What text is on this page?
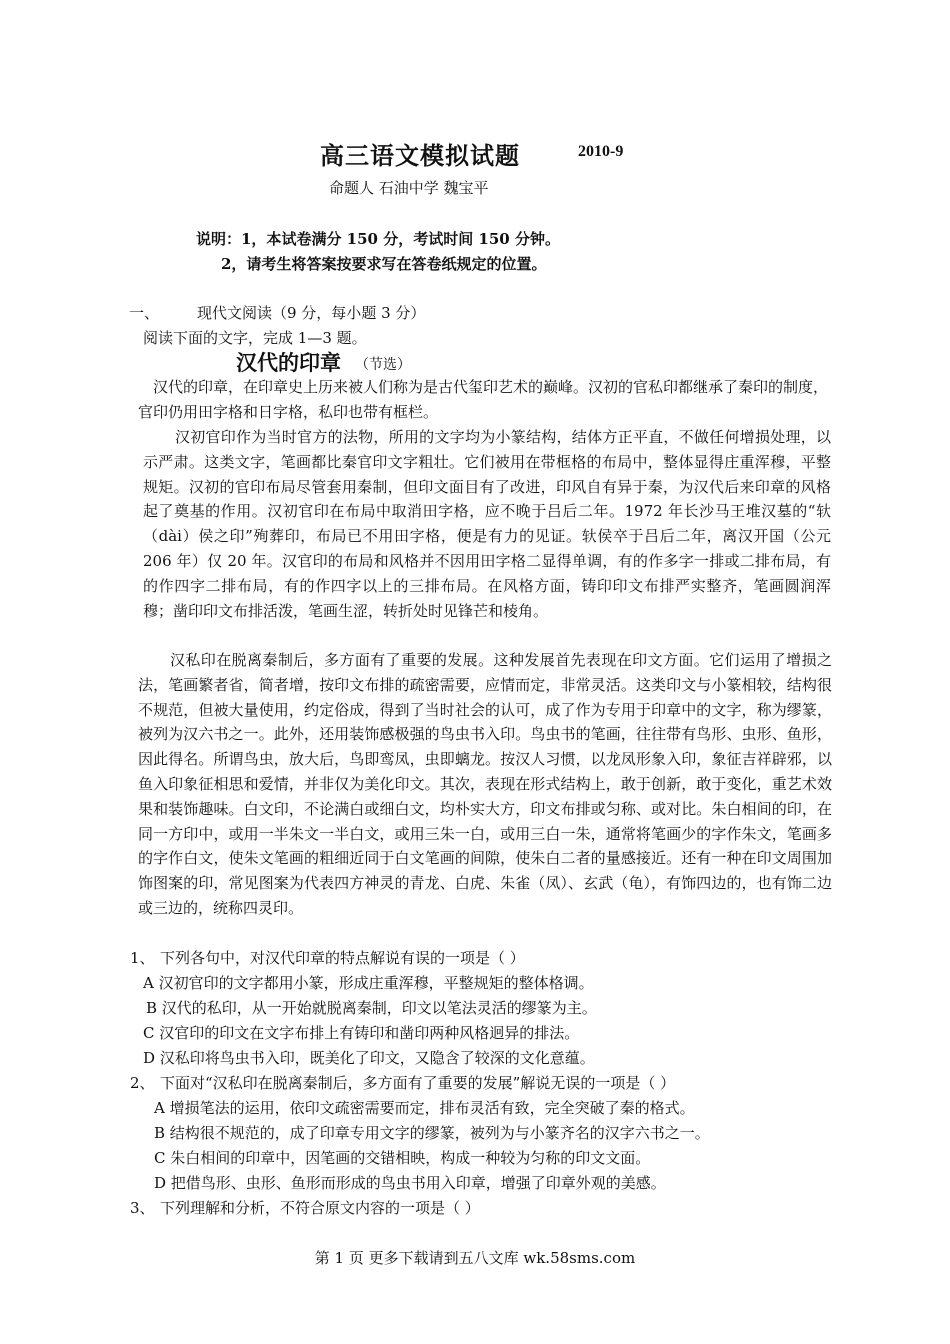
高三语文模拟试题	2010-9
命题人 石油中学 魏宝平
说明：1，本试卷满分 150 分，考试时间 150 分钟。
2，请考生将答案按要求写在答卷纸规定的位置。
一、	现代文阅读（9 分，每小题 3 分）
阅读下面的文字，完成 1—3 题。
汉代的印章 （节选）
汉代的印章，在印章史上历来被人们称为是古代玺印艺术的巅峰。汉初的官私印都继承了秦印的制度，官印仍用田字格和日字格，私印也带有框栏。
汉初官印作为当时官方的法物，所用的文字均为小篆结构，结体方正平直，不做任何增损处理，以示严肃。这类文字，笔画都比秦官印文字粗壮。它们被用在带框格的布局中，整体显得庄重浑穆，平整规矩。汉初的官印布局尽管套用秦制，但印文面目有了改进，印风自有异于秦，为汉代后来印章的风格起了奠基的作用。汉初官印在布局中取消田字格，应不晚于吕后二年。1972 年长沙马王堆汉墓的“轪（dài）侯之印”殉葬印，布局已不用田字格，便是有力的见证。轪侯卒于吕后二年，离汉开国（公元 206 年）仅 20 年。汉官印的布局和风格并不因用田字格二显得单调，有的作多字一排或二排布局，有的作四字二排布局，有的作四字以上的三排布局。在风格方面，铸印印文布排严实整齐，笔画圆润浑穆；凿印印文布排活泼，笔画生涩，转折处时见锋芒和棱角。
汉私印在脱离秦制后，多方面有了重要的发展。这种发展首先表现在印文方面。它们运用了增损之法，笔画繁者省，简者增，按印文布排的疏密需要，应情而定，非常灵活。这类印文与小篆相较，结构很不规范，但被大量使用，约定俗成，得到了当时社会的认可，成了作为专用于印章中的文字，称为缪篆，被列为汉六书之一。此外，还用装饰感极强的鸟虫书入印。鸟虫书的笔画，往往带有鸟形、虫形、鱼形，因此得名。所谓鸟虫，放大后，鸟即鸾凤，虫即螭龙。按汉人习惯，以龙凤形象入印，象征吉祥辟邪，以鱼入印象征相思和爱情，并非仅为美化印文。其次，表现在形式结构上，敢于创新，敢于变化，重艺术效果和装饰趣味。白文印，不论满白或细白文，均朴实大方，印文布排或匀称、或对比。朱白相间的印，在同一方印中，或用一半朱文一半白文，或用三朱一白，或用三白一朱，通常将笔画少的字作朱文，笔画多的字作白文，使朱文笔画的粗细近同于白文笔画的间隙，使朱白二者的量感接近。还有一种在印文周围加饰图案的印，常见图案为代表四方神灵的青龙、白虎、朱雀（凤）、玄武（龟），有饰四边的，也有饰二边或三边的，统称四灵印。
1、 下列各句中，对汉代印章的特点解说有误的一项是（ ）
A 汉初官印的文字都用小篆，形成庄重浑穆，平整规矩的整体格调。
B 汉代的私印，从一开始就脱离秦制，印文以笔法灵活的缪篆为主。
C 汉官印的印文在文字布排上有铸印和凿印两种风格迥异的排法。
D 汉私印将鸟虫书入印，既美化了印文，又隐含了较深的文化意蕴。
2、 下面对“汉私印在脱离秦制后，多方面有了重要的发展”解说无误的一项是（ ）
A 增损笔法的运用，依印文疏密需要而定，排布灵活有致，完全突破了秦的格式。
B 结构很不规范的，成了印章专用文字的缪篆，被列为与小篆齐名的汉字六书之一。
C 朱白相间的印章中，因笔画的交错相映，构成一种较为匀称的印文文面。
D 把借鸟形、虫形、鱼形而形成的鸟虫书用入印章，增强了印章外观的美感。
3、 下列理解和分析，不符合原文内容的一项是（ ）
第 1 页 更多下载请到五八文库 wk.58sms.com
